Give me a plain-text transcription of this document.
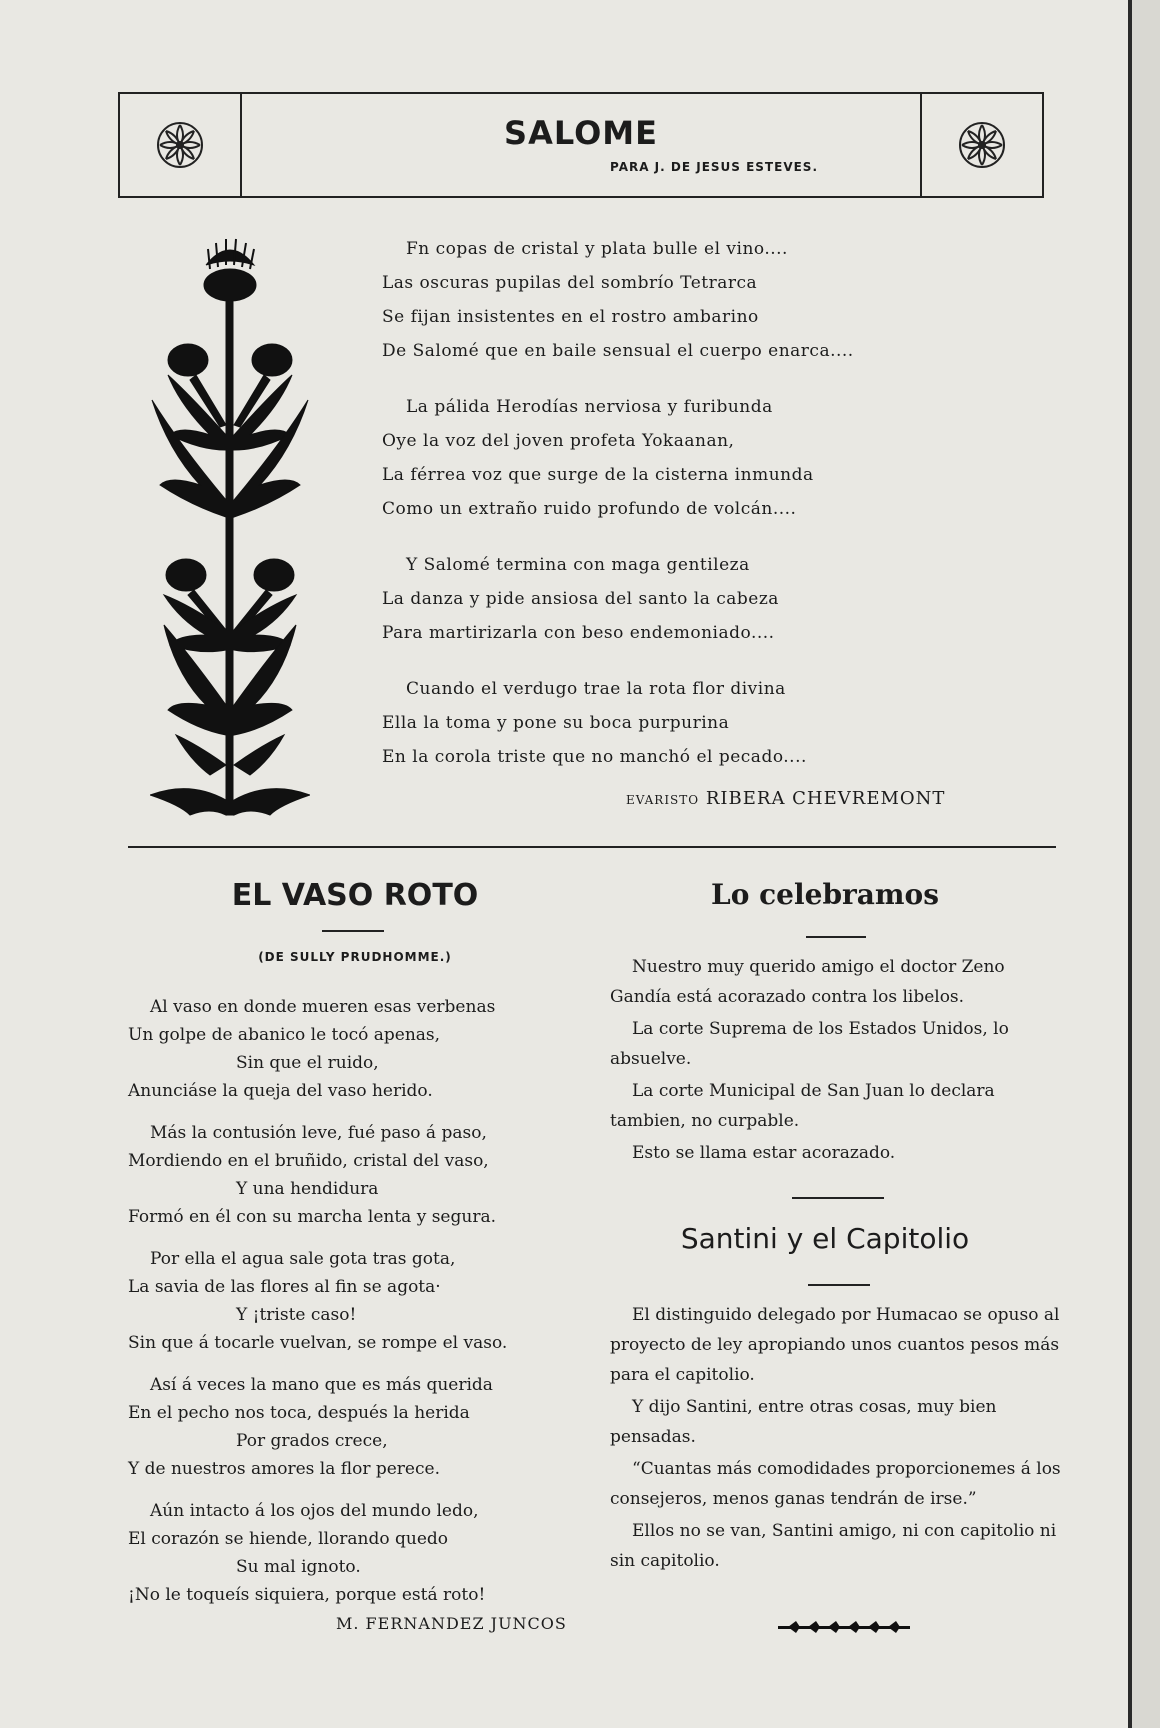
SALOME
PARA J. DE JESUS ESTEVES.
Fn copas de cristal y plata bulle el vino....
Las oscuras pupilas del sombrío Tetrarca
Se fijan insistentes en el rostro ambarino
De Salomé que en baile sensual el cuerpo enarca....
La pálida Herodías nerviosa y furibunda
Oye la voz del joven profeta Yokaanan,
La férrea voz que surge de la cisterna inmunda
Como un extraño ruido profundo de volcán....
Y Salomé termina con maga gentileza
La danza y pide ansiosa del santo la cabeza
Para martirizarla con beso endemoniado....
Cuando el verdugo trae la rota flor divina
Ella la toma y pone su boca purpurina
En la corola triste que no manchó el pecado....
EVARISTO RIBERA CHEVREMONT
EL VASO ROTO
(DE SULLY PRUDHOMME.)
Al vaso en donde mueren esas verbenas
Un golpe de abanico le tocó apenas,
Sin que el ruido,
Anunciáse la queja del vaso herido.
Más la contusión leve, fué paso á paso,
Mordiendo en el bruñido, cristal del vaso,
Y una hendidura
Formó en él con su marcha lenta y segura.
Por ella el agua sale gota tras gota,
La savia de las flores al fin se agota·
Y ¡triste caso!
Sin que á tocarle vuelvan, se rompe el vaso.
Así á veces la mano que es más querida
En el pecho nos toca, después la herida
Por grados crece,
Y de nuestros amores la flor perece.
Aún intacto á los ojos del mundo ledo,
El corazón se hiende, llorando quedo
Su mal ignoto.
¡No le toqueís siquiera, porque está roto!
M. FERNANDEZ JUNCOS
Lo celebramos

Nuestro muy querido amigo el doctor Zeno Gandía está acorazado contra los libelos.

La corte Suprema de los Estados Unidos, lo absuelve.

La corte Municipal de San Juan lo declara tambien, no curpable.

Esto se llama estar acorazado.

Santini y el Capitolio

El distinguido delegado por Humacao se opuso al proyecto de ley apropiando unos cuantos pesos más para el capitolio.

Y dijo Santini, entre otras cosas, muy bien pensadas.

“Cuantas más comodidades proporcionemes á los consejeros, menos ganas tendrán de irse.”

Ellos no se van, Santini amigo, ni con capitolio ni sin capitolio.
